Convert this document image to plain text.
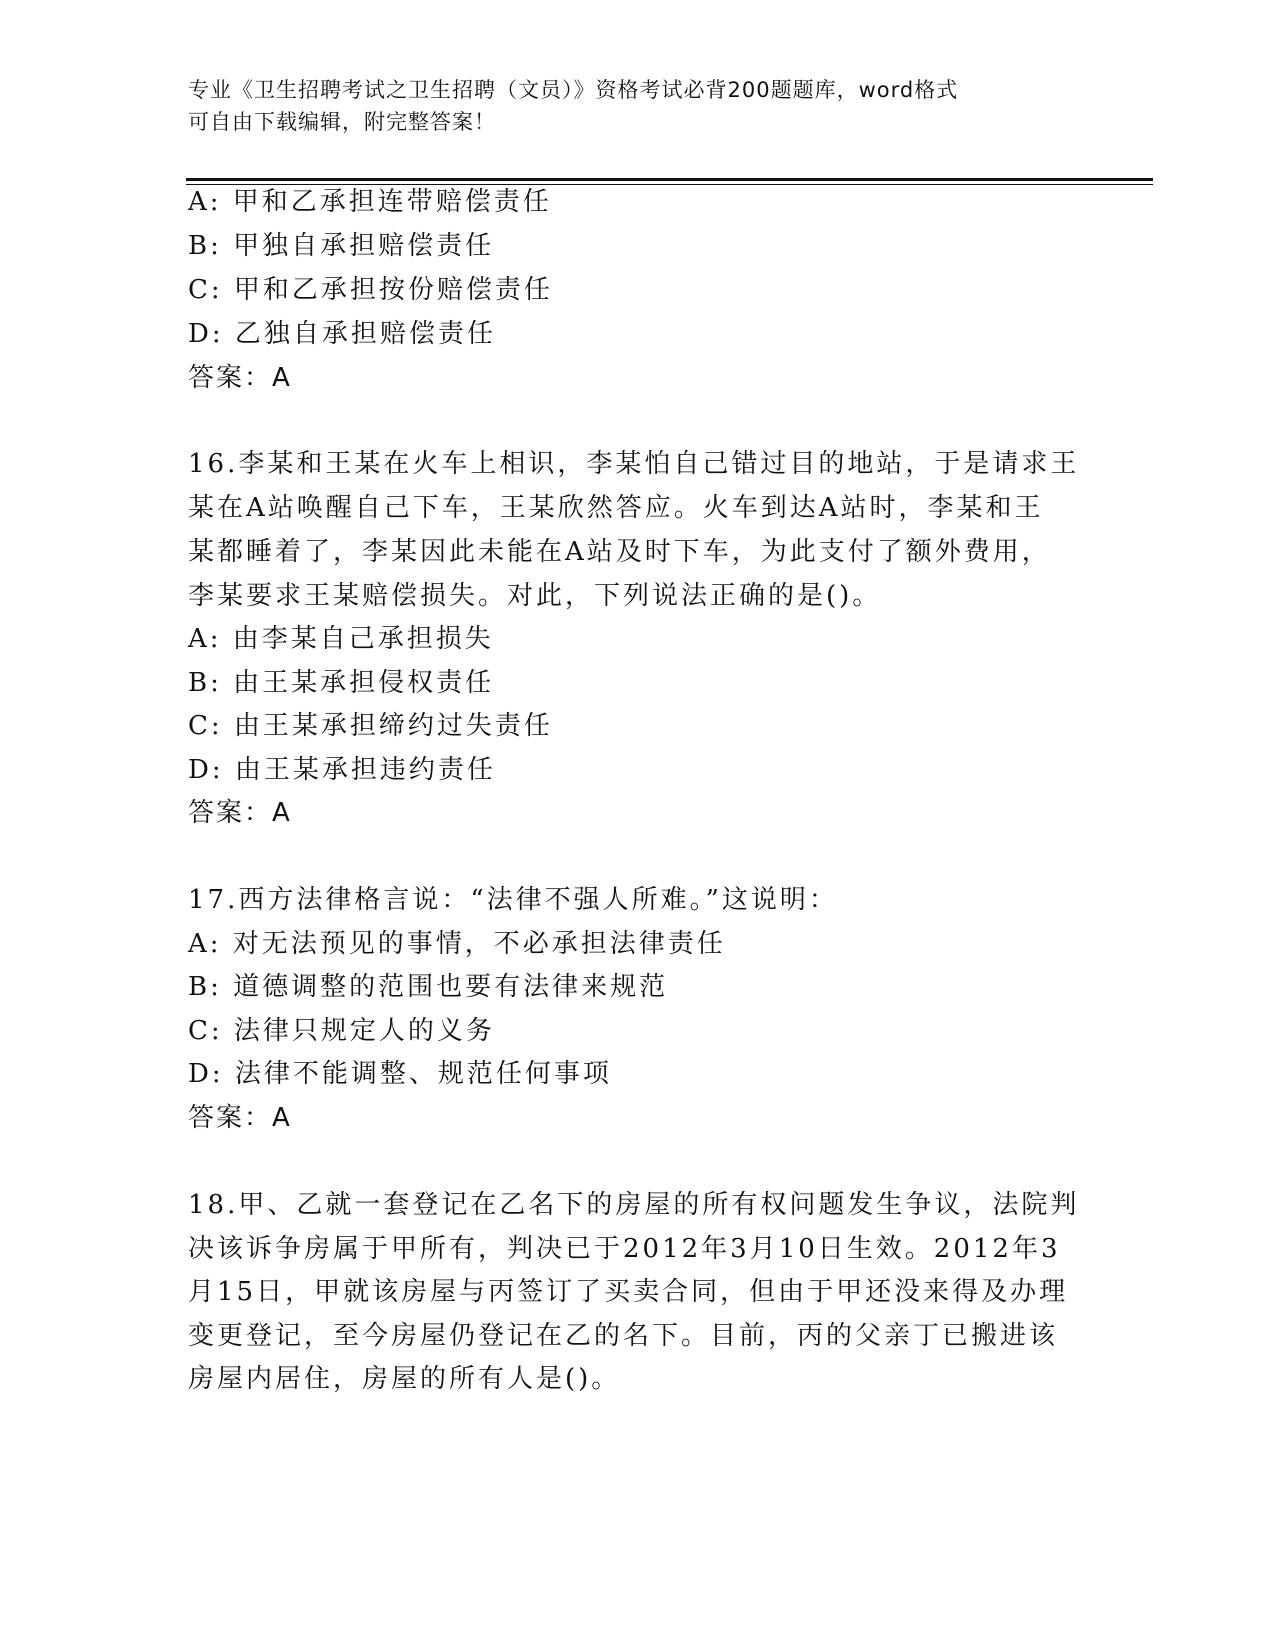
专业《卫生招聘考试之卫生招聘（文员）》资格考试必背200题题库，word格式
可自由下载编辑，附完整答案！
A: 甲和乙承担连带赔偿责任
B: 甲独自承担赔偿责任
C: 甲和乙承担按份赔偿责任
D: 乙独自承担赔偿责任
答案：A
16.李某和王某在火车上相识，李某怕自己错过目的地站，于是请求王
某在A站唤醒自己下车，王某欣然答应。火车到达A站时，李某和王
某都睡着了，李某因此未能在A站及时下车，为此支付了额外费用，
李某要求王某赔偿损失。对此，下列说法正确的是()。
A: 由李某自己承担损失
B: 由王某承担侵权责任
C: 由王某承担缔约过失责任
D: 由王某承担违约责任
答案：A
17.西方法律格言说：“法律不强人所难。”这说明：
A: 对无法预见的事情，不必承担法律责任
B: 道德调整的范围也要有法律来规范
C: 法律只规定人的义务
D: 法律不能调整、规范任何事项
答案：A
18.甲、乙就一套登记在乙名下的房屋的所有权问题发生争议，法院判
决该诉争房属于甲所有，判决已于2012年3月10日生效。2012年3
月15日，甲就该房屋与丙签订了买卖合同，但由于甲还没来得及办理
变更登记，至今房屋仍登记在乙的名下。目前，丙的父亲丁已搬进该
房屋内居住，房屋的所有人是()。
